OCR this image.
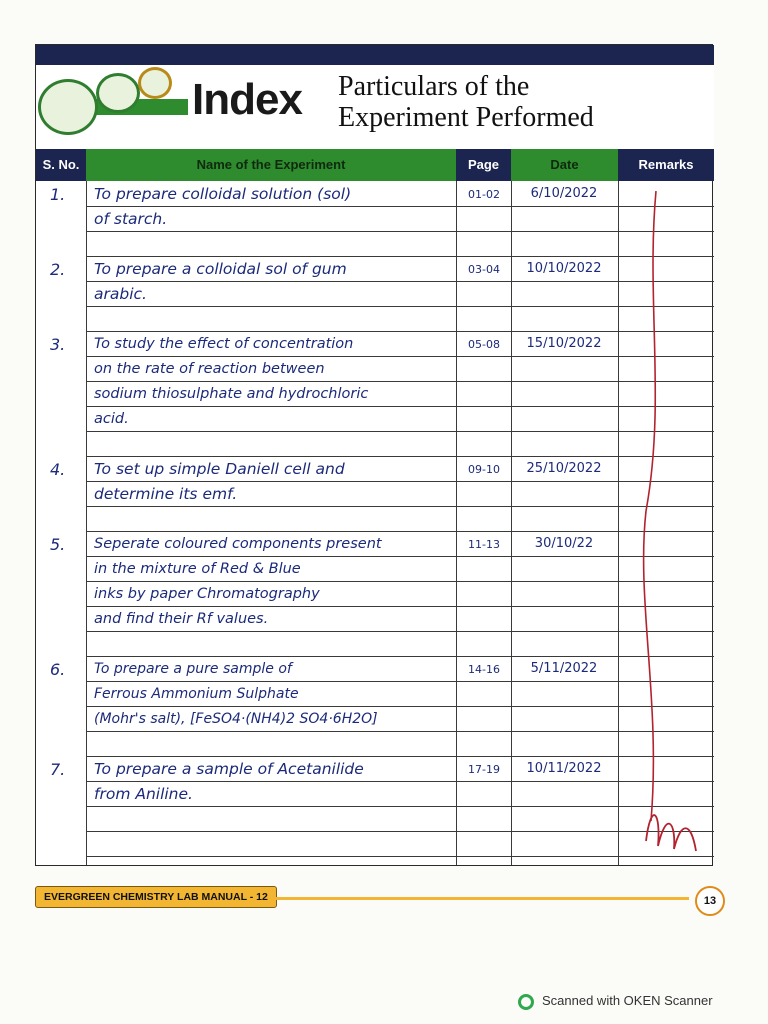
Index Particulars of the
Experiment Performed
S. No.	Name of the Experiment	Page	Date	Remarks
1. To prepare colloidal solution (sol)
of starch.
01-02	6/10/2022
2. To prepare a colloidal sol of gum
arabic.
03-04	10/10/2022
3. To study the effect of concentration
on the rate of reaction between
sodium thiosulphate and hydrochloric
acid.
05-08	15/10/2022
4. To set up simple Daniell cell and
determine its emf.
09-10	25/10/2022
5. Seperate coloured components present
in the mixture of Red & Blue
inks by paper Chromatography
and find their Rf values.
11-13	30/10/22
6. To prepare a pure sample of
Ferrous Ammonium Sulphate
(Mohr's salt), [FeSO4·(NH4)2 SO4·6H2O]
14-16	5/11/2022
7. To prepare a sample of Acetanilide
from Aniline.
17-19	10/11/2022
EVERGREEN CHEMISTRY LAB MANUAL - 12	13
Scanned with OKEN Scanner
